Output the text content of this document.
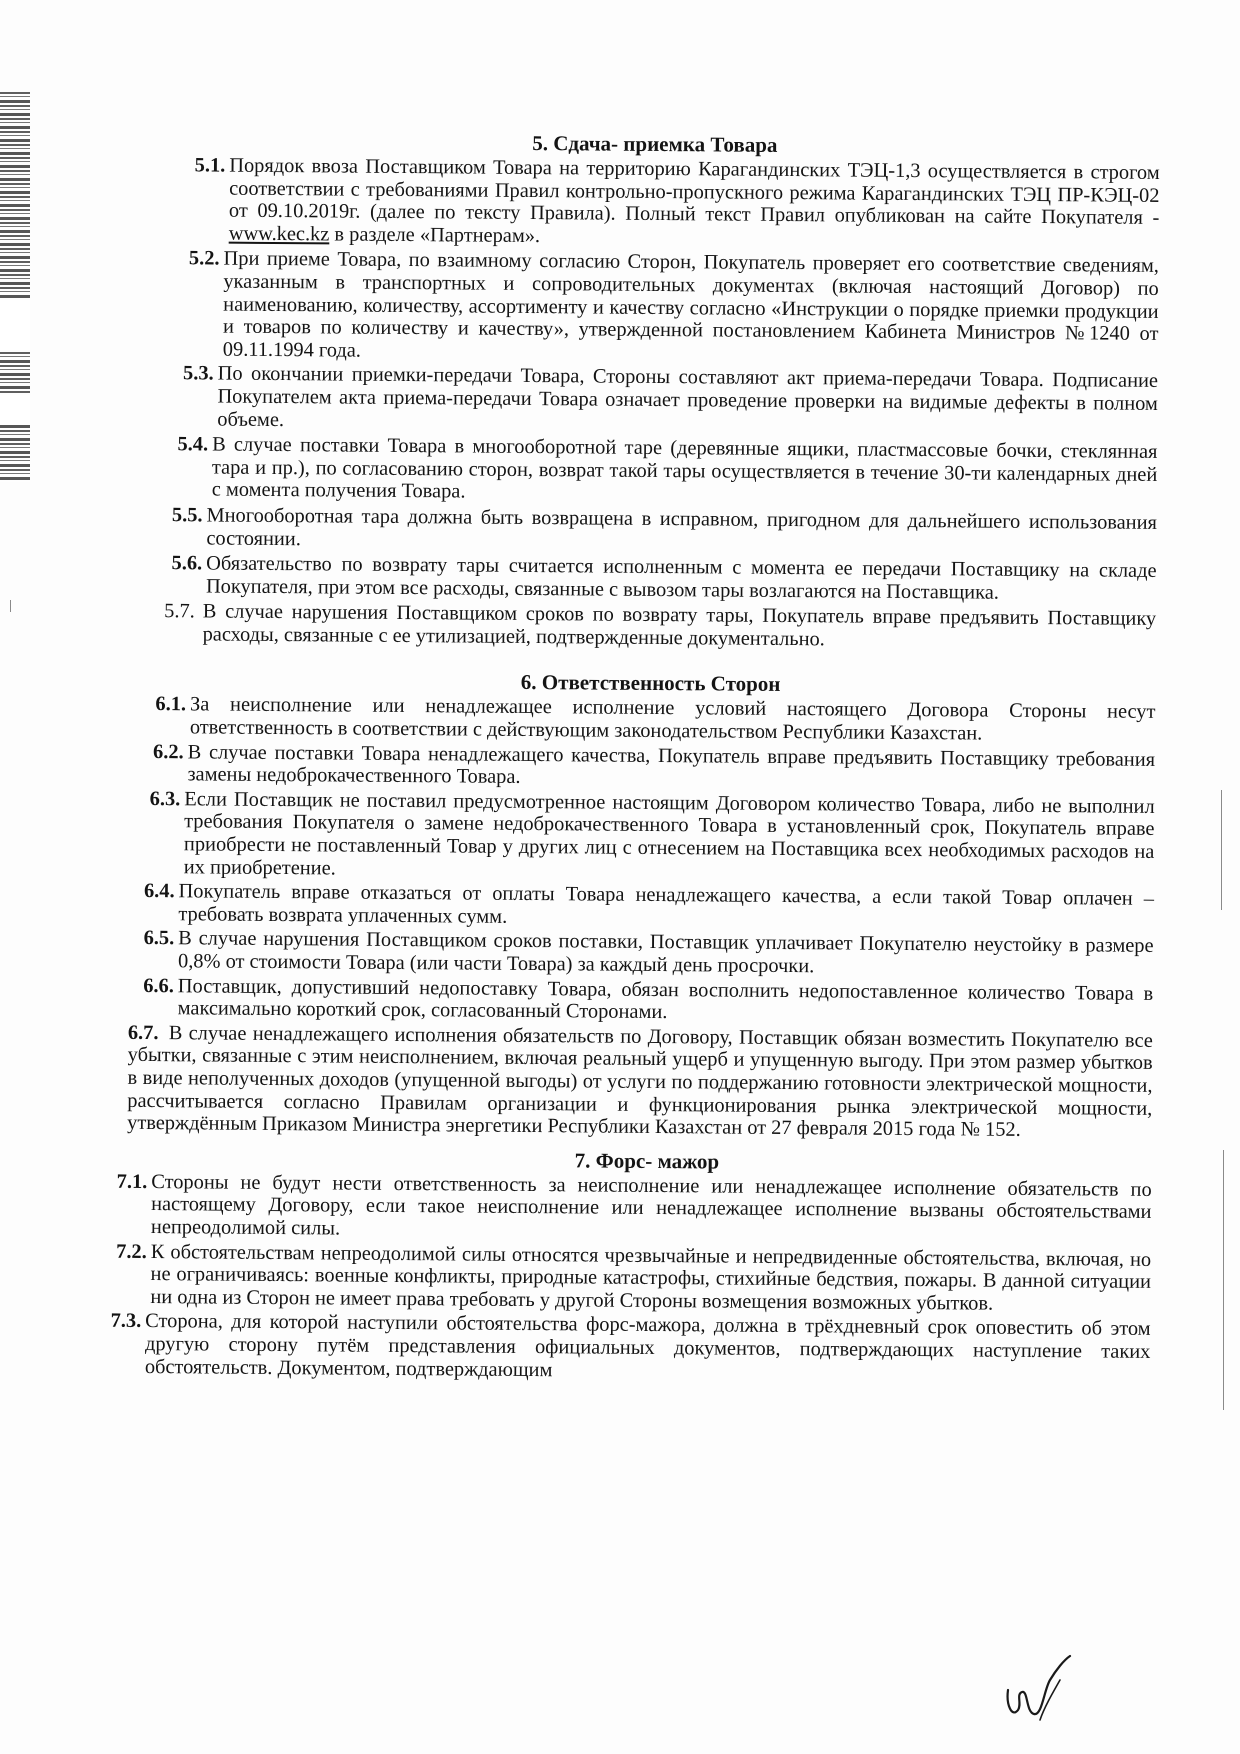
5. Сдача- приемка Товара
5.1. Порядок ввоза Поставщиком Товара на территорию Карагандинских ТЭЦ-1,3 осуществляется в строгом соответствии с требованиями Правил контрольно-пропускного режима Карагандинских ТЭЦ ПР-КЭЦ-02 от 09.10.2019г. (далее по тексту Правила). Полный текст Правил опубликован на сайте Покупателя - www.kec.kz в разделе «Партнерам».
5.2. При приеме Товара, по взаимному согласию Сторон, Покупатель проверяет его соответствие сведениям, указанным в транспортных и сопроводительных документах (включая настоящий Договор) по наименованию, количеству, ассортименту и качеству согласно «Инструкции о порядке приемки продукции и товаров по количеству и качеству», утвержденной постановлением Кабинета Министров №1240 от 09.11.1994 года.
5.3. По окончании приемки-передачи Товара, Стороны составляют акт приема-передачи Товара. Подписание Покупателем акта приема-передачи Товара означает проведение проверки на видимые дефекты в полном объеме.
5.4. В случае поставки Товара в многооборотной таре (деревянные ящики, пластмассовые бочки, стеклянная тара и пр.), по согласованию сторон, возврат такой тары осуществляется в течение 30-ти календарных дней с момента получения Товара.
5.5. Многооборотная тара должна быть возвращена в исправном, пригодном для дальнейшего использования состоянии.
5.6. Обязательство по возврату тары считается исполненным с момента ее передачи Поставщику на складе Покупателя, при этом все расходы, связанные с вывозом тары возлагаются на Поставщика.
5.7. В случае нарушения Поставщиком сроков по возврату тары, Покупатель вправе предъявить Поставщику расходы, связанные с ее утилизацией, подтвержденные документально.
6. Ответственность Сторон
6.1. За неисполнение или ненадлежащее исполнение условий настоящего Договора Стороны несут ответственность в соответствии с действующим законодательством Республики Казахстан.
6.2. В случае поставки Товара ненадлежащего качества, Покупатель вправе предъявить Поставщику требования замены недоброкачественного Товара.
6.3. Если Поставщик не поставил предусмотренное настоящим Договором количество Товара, либо не выполнил требования Покупателя о замене недоброкачественного Товара в установленный срок, Покупатель вправе приобрести не поставленный Товар у других лиц с отнесением на Поставщика всех необходимых расходов на их приобретение.
6.4. Покупатель вправе отказаться от оплаты Товара ненадлежащего качества, а если такой Товар оплачен – требовать возврата уплаченных сумм.
6.5. В случае нарушения Поставщиком сроков поставки, Поставщик уплачивает Покупателю неустойку в размере 0,8% от стоимости Товара (или части Товара) за каждый день просрочки.
6.6. Поставщик, допустивший недопоставку Товара, обязан восполнить недопоставленное количество Товара в максимально короткий срок, согласованный Сторонами.
6.7. В случае ненадлежащего исполнения обязательств по Договору, Поставщик обязан возместить Покупателю все убытки, связанные с этим неисполнением, включая реальный ущерб и упущенную выгоду. При этом размер убытков в виде неполученных доходов (упущенной выгоды) от услуги по поддержанию готовности электрической мощности, рассчитывается согласно Правилам организации и функционирования рынка электрической мощности, утверждённым Приказом Министра энергетики Республики Казахстан от 27 февраля 2015 года № 152.
7. Форс- мажор
7.1. Стороны не будут нести ответственность за неисполнение или ненадлежащее исполнение обязательств по настоящему Договору, если такое неисполнение или ненадлежащее исполнение вызваны обстоятельствами непреодолимой силы.
7.2. К обстоятельствам непреодолимой силы относятся чрезвычайные и непредвиденные обстоятельства, включая, но не ограничиваясь: военные конфликты, природные катастрофы, стихийные бедствия, пожары. В данной ситуации ни одна из Сторон не имеет права требовать у другой Стороны возмещения возможных убытков.
7.3. Сторона, для которой наступили обстоятельства форс-мажора, должна в трёхдневный срок оповестить об этом другую сторону путём представления официальных документов, подтверждающих наступление таких обстоятельств. Документом, подтверждающим
